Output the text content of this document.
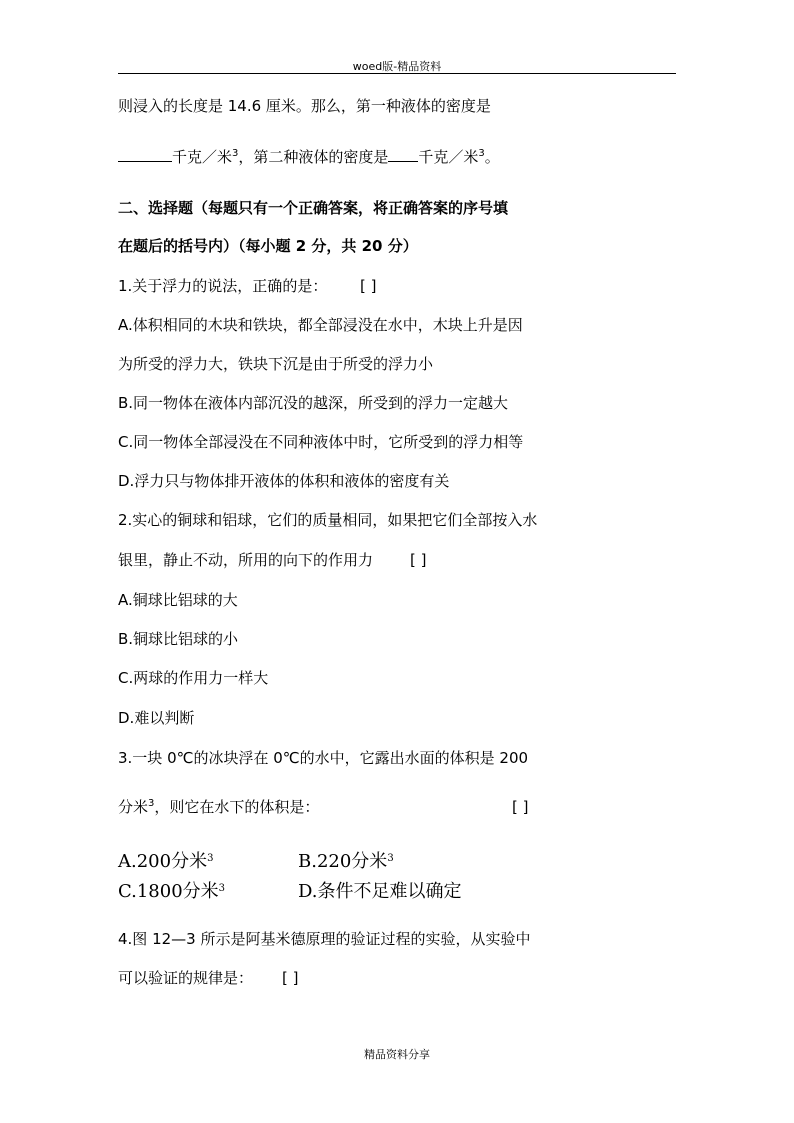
woed版-精品资料
则浸入的长度是 14.6 厘米。那么，第一种液体的密度是
千克／米$^3$，第二种液体的密度是 千克／米$^3$。
二、选择题（每题只有一个正确答案，将正确答案的序号填
在题后的括号内）（每小题 2 分，共 20 分）
1.关于浮力的说法，正确的是： [ ]
A.体积相同的木块和铁块，都全部浸没在水中，木块上升是因
为所受的浮力大，铁块下沉是由于所受的浮力小
B.同一物体在液体内部沉没的越深，所受到的浮力一定越大
C.同一物体全部浸没在不同种液体中时，它所受到的浮力相等
D.浮力只与物体排开液体的体积和液体的密度有关
2.实心的铜球和铝球，它们的质量相同，如果把它们全部按入水
银里，静止不动，所用的向下的作用力 [ ]
A.铜球比铝球的大
B.铜球比铝球的小
C.两球的作用力一样大
D.难以判断
3.一块 0℃的冰块浮在 0℃的水中，它露出水面的体积是 200
分米$^3$，则它在水下的体积是：	[ ]
A.200分米$^3$	B.220分米$^3$
C.1800分米$^3$	D.条件不足难以确定
4.图 12—3 所示是阿基米德原理的验证过程的实验，从实验中
可以验证的规律是： [ ]
精品资料分享
